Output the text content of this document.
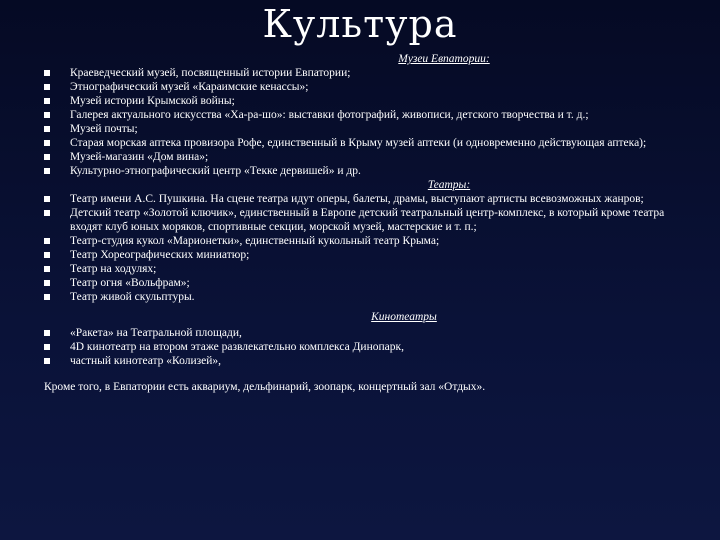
Культура
Музеи Евпатории:
Краеведческий музей, посвященный истории Евпатории;
Этнографический музей «Караимские кенассы»;
Музей истории Крымской войны;
Галерея актуального искусства «Ха-ра-шо»: выставки фотографий, живописи, детского творчества и т. д.;
Музей почты;
Старая морская аптека провизора Рофе, единственный в Крыму музей аптеки (и одновременно действующая аптека);
Музей-магазин «Дом вина»;
Культурно-этнографический центр «Текке дервишей» и др.
Театры:
Театр имени А.С. Пушкина. На сцене театра идут оперы, балеты, драмы, выступают артисты всевозможных жанров;
Детский театр «Золотой ключик», единственный в Европе детский театральный центр-комплекс, в который кроме театра входят клуб юных моряков, спортивные секции, морской музей, мастерские и т. п.;
Театр-студия кукол «Марионетки», единственный кукольный театр Крыма;
Театр Хореографических миниатюр;
Театр на ходулях;
Театр огня «Вольфрам»;
Театр живой скульптуры.
Кинотеатры
«Ракета» на Театральной площади,
4D кинотеатр на втором этаже развлекательно комплекса Динопарк,
частный кинотеатр «Колизей»,
Кроме того, в Евпатории есть аквариум, дельфинарий, зоопарк, концертный зал «Отдых».
